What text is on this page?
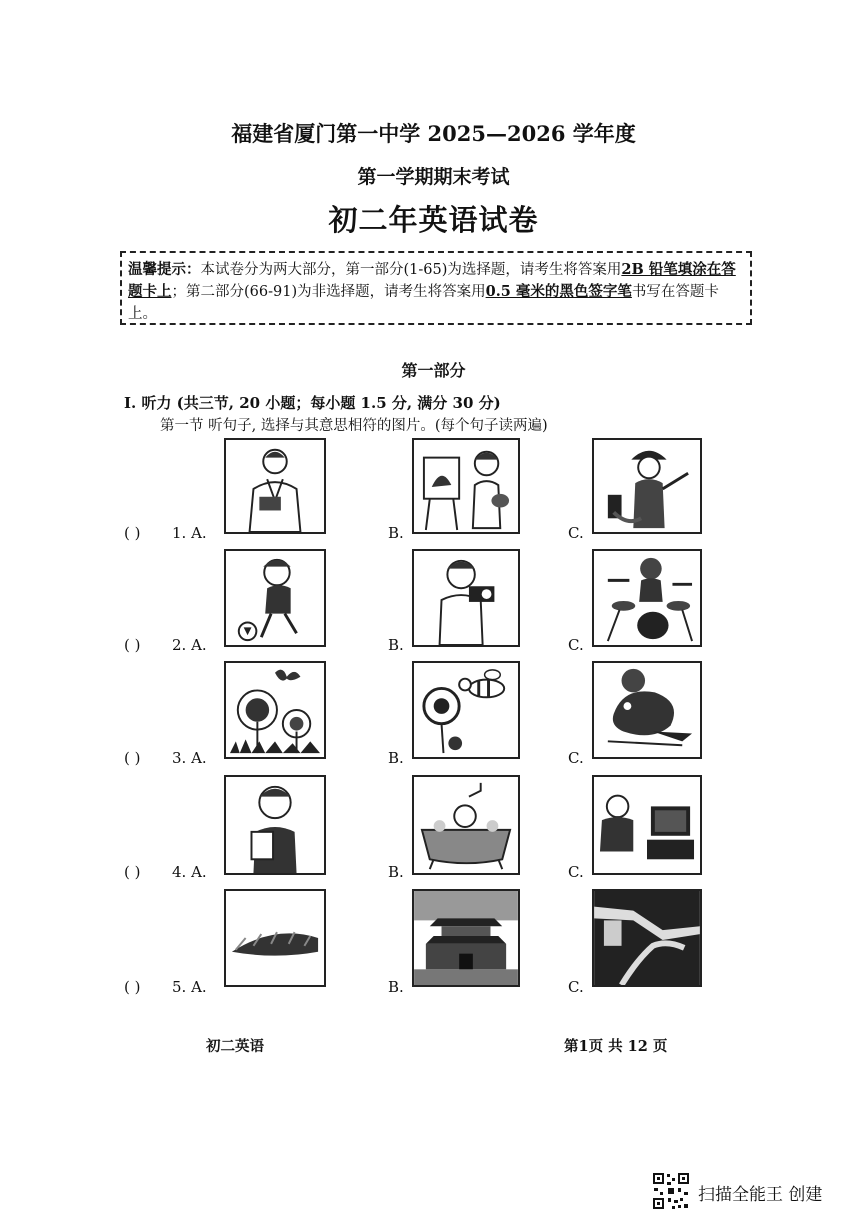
福建省厦门第一中学 2025—2026 学年度
第一学期期末考试
初二年英语试卷
温馨提示：本试卷分为两大部分，第一部分(1-65)为选择题，请考生将答案用2B 铅笔填涂在答题卡上；第二部分(66-91)为非选择题，请考生将答案用0.5 毫米的黑色签字笔书写在答题卡上。
第一部分
I. 听力 (共三节, 20 小题；每小题 1.5 分, 满分 30 分)
第一节 听句子, 选择与其意思相符的图片。(每个句子读两遍)
( ) 1. A.	B.	C.
( ) 2. A.	B.	C.
( ) 3. A.	B.	C.
( ) 4. A.	B.	C.
( ) 5. A.	B.	C.
初二英语	第1页 共 12 页
扫描全能王 创建
